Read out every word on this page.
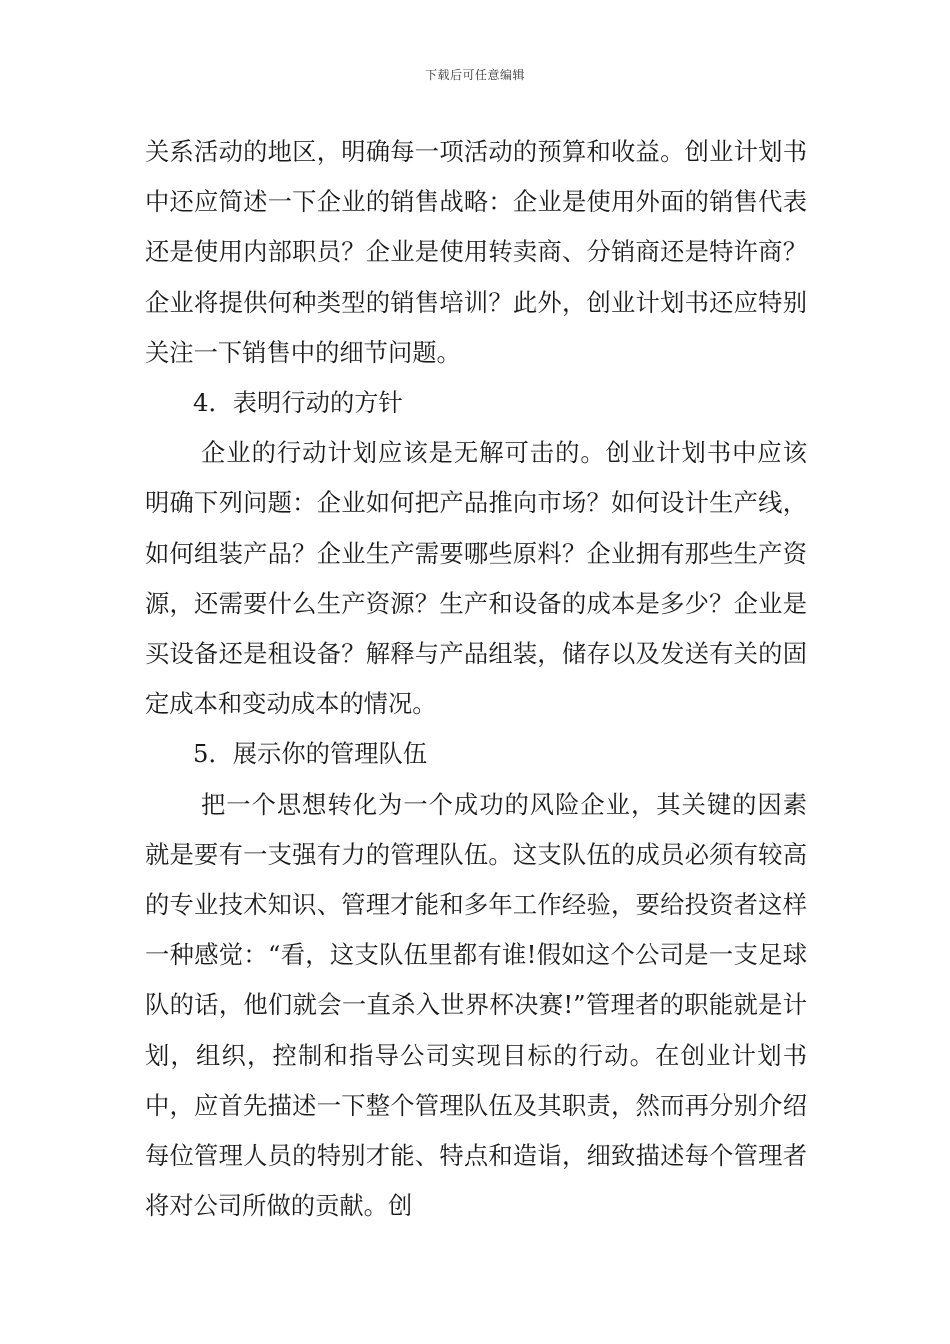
下载后可任意编辑

关系活动的地区，明确每一项活动的预算和收益。创业计划书中还应简述一下企业的销售战略：企业是使用外面的销售代表还是使用内部职员？企业是使用转卖商、分销商还是特许商？企业将提供何种类型的销售培训？此外，创业计划书还应特别关注一下销售中的细节问题。

4．表明行动的方针

企业的行动计划应该是无解可击的。创业计划书中应该明确下列问题：企业如何把产品推向市场？如何设计生产线，如何组装产品？企业生产需要哪些原料？企业拥有那些生产资源，还需要什么生产资源？生产和设备的成本是多少？企业是买设备还是租设备？解释与产品组装，储存以及发送有关的固定成本和变动成本的情况。

5．展示你的管理队伍

把一个思想转化为一个成功的风险企业，其关键的因素就是要有一支强有力的管理队伍。这支队伍的成员必须有较高的专业技术知识、管理才能和多年工作经验，要给投资者这样一种感觉：“看，这支队伍里都有谁!假如这个公司是一支足球队的话，他们就会一直杀入世界杯决赛!”管理者的职能就是计划，组织，控制和指导公司实现目标的行动。在创业计划书中，应首先描述一下整个管理队伍及其职责，然而再分别介绍每位管理人员的特别才能、特点和造诣，细致描述每个管理者将对公司所做的贡献。创
